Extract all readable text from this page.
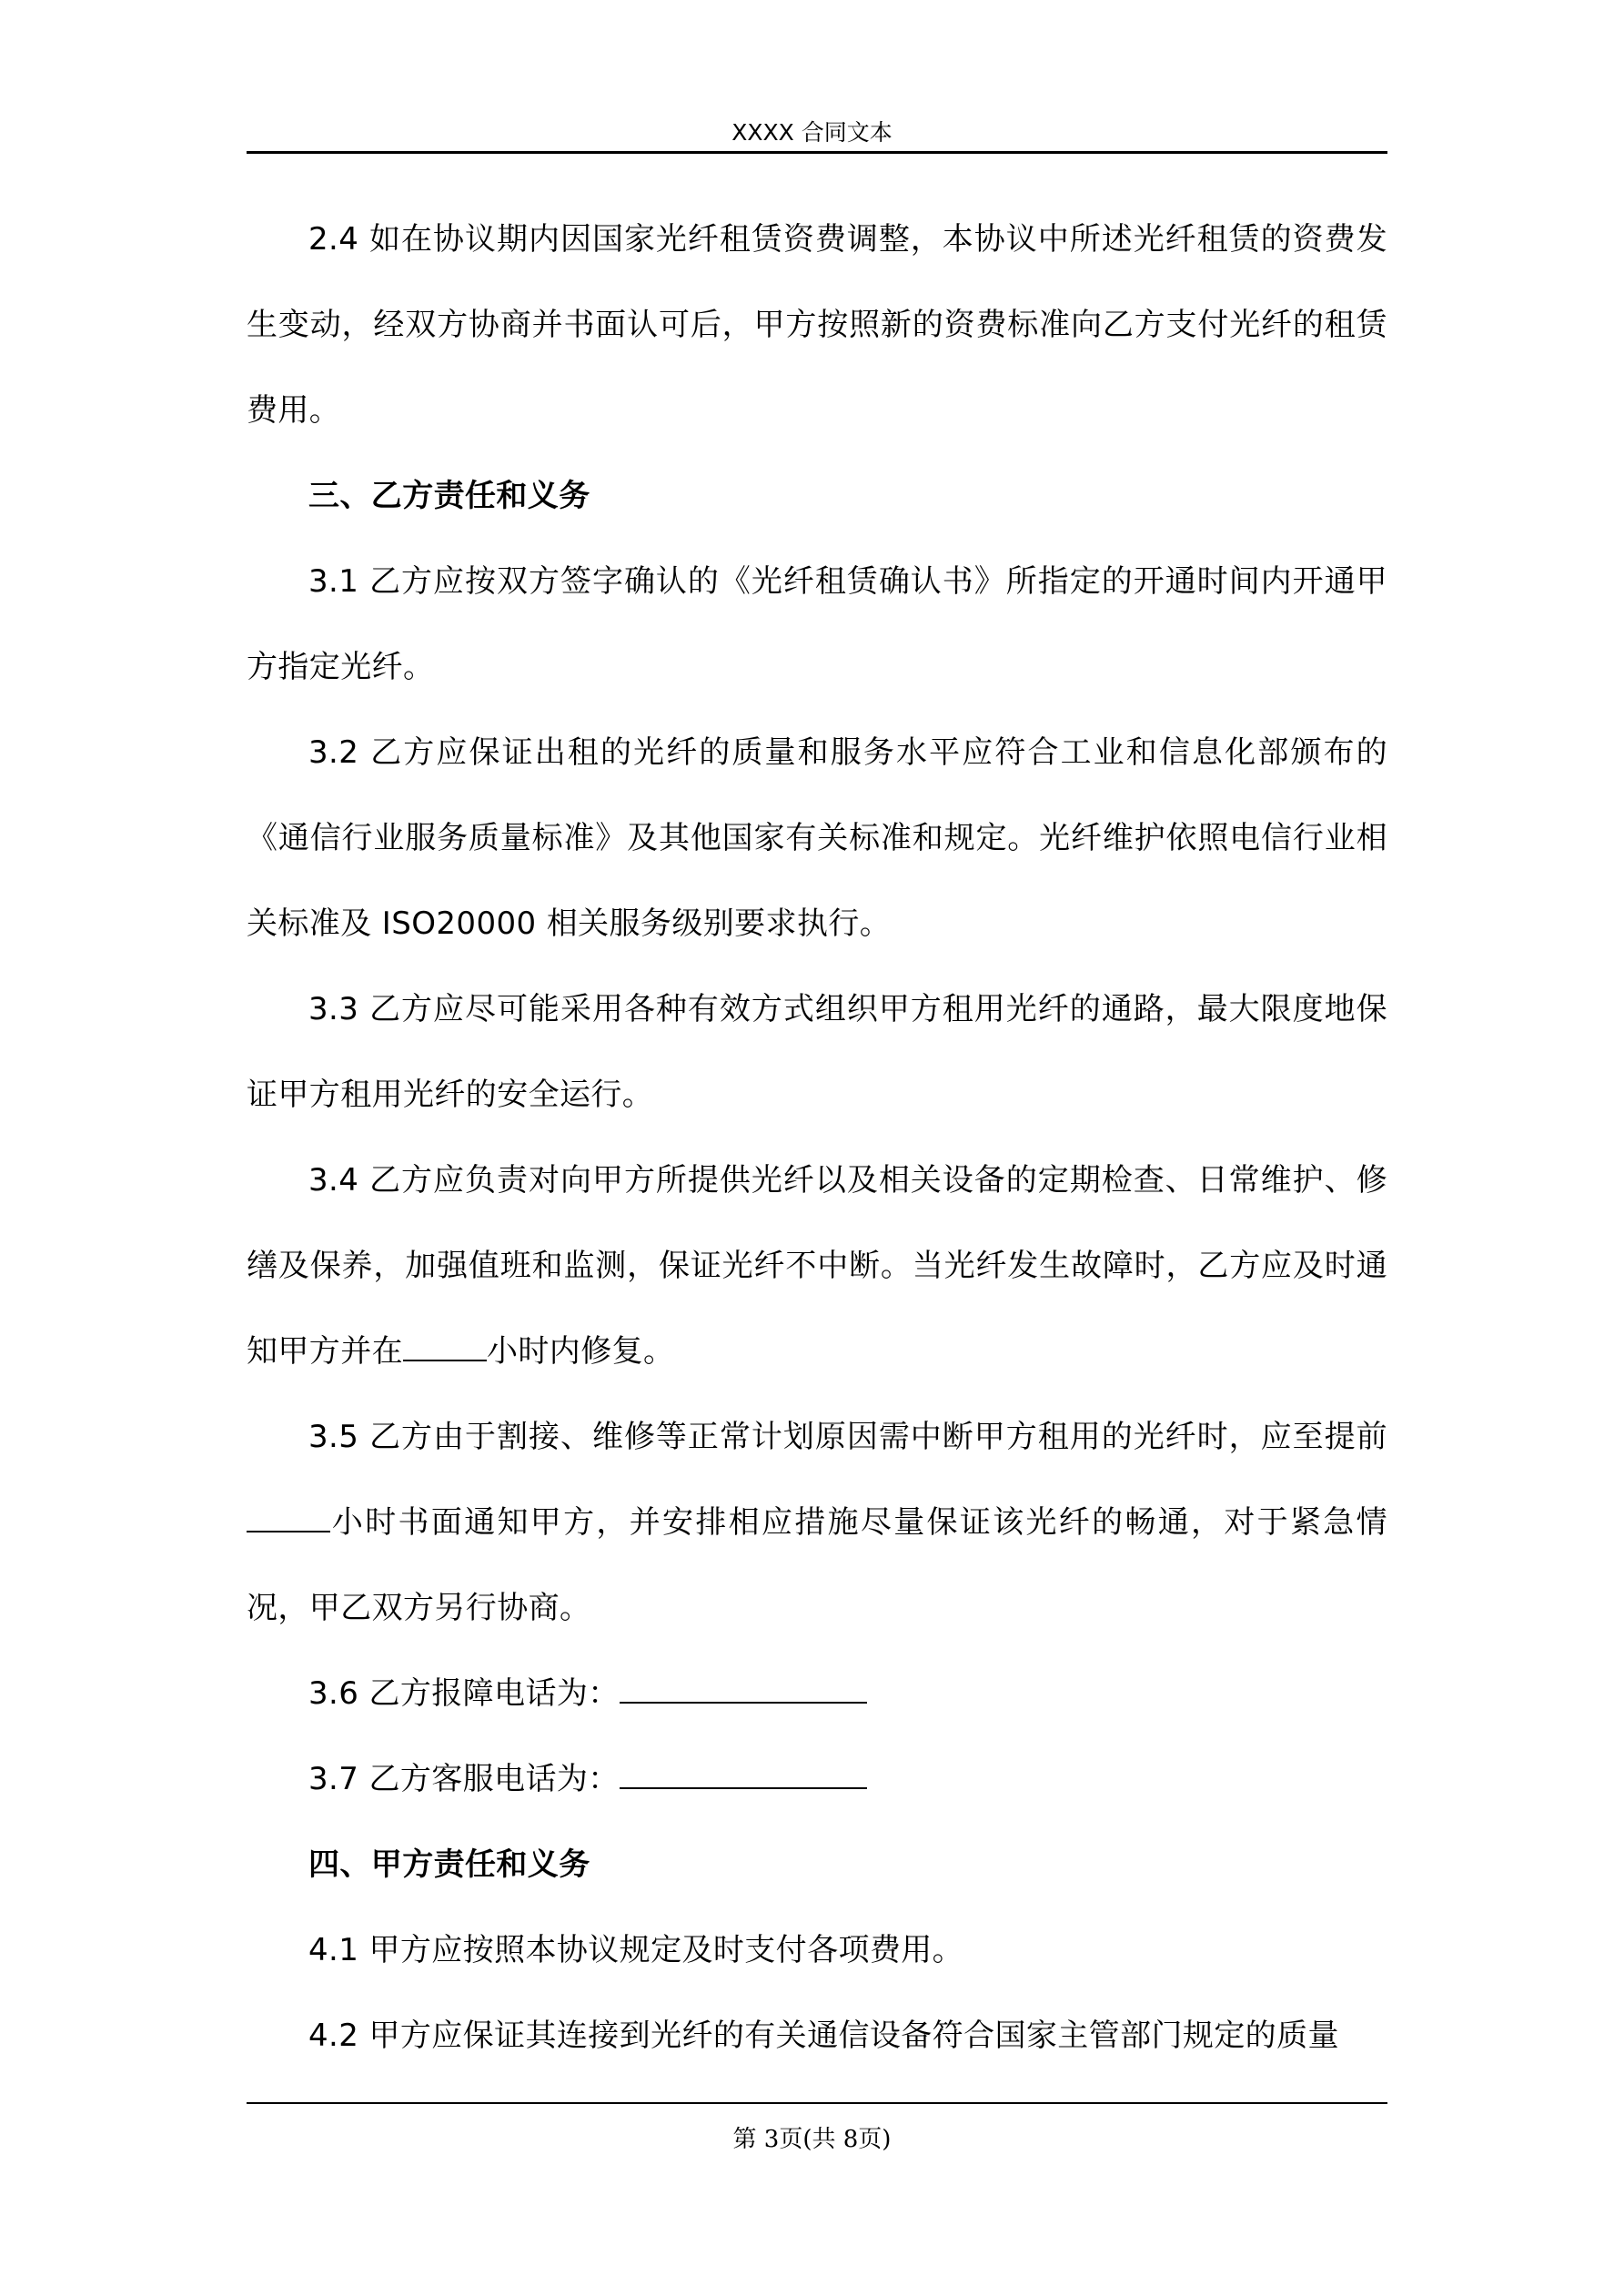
XXXX 合同文本

2.4 如在协议期内因国家光纤租赁资费调整，本协议中所述光纤租赁的资费发生变动，经双方协商并书面认可后，甲方按照新的资费标准向乙方支付光纤的租赁费用。

三、乙方责任和义务

3.1 乙方应按双方签字确认的《光纤租赁确认书》所指定的开通时间内开通甲方指定光纤。

3.2 乙方应保证出租的光纤的质量和服务水平应符合工业和信息化部颁布的《通信行业服务质量标准》及其他国家有关标准和规定。光纤维护依照电信行业相关标准及 ISO20000 相关服务级别要求执行。

3.3 乙方应尽可能采用各种有效方式组织甲方租用光纤的通路，最大限度地保证甲方租用光纤的安全运行。

3.4 乙方应负责对向甲方所提供光纤以及相关设备的定期检查、日常维护、修缮及保养，加强值班和监测，保证光纤不中断。当光纤发生故障时，乙方应及时通知甲方并在	小时内修复。

3.5 乙方由于割接、维修等正常计划原因需中断甲方租用的光纤时，应至提前小时书面通知甲方，并安排相应措施尽量保证该光纤的畅通，对于紧急情况，甲乙双方另行协商。

3.6 乙方报障电话为：

3.7 乙方客服电话为：

四、甲方责任和义务

4.1 甲方应按照本协议规定及时支付各项费用。

4.2 甲方应保证其连接到光纤的有关通信设备符合国家主管部门规定的质量

第 3页(共 8页)
